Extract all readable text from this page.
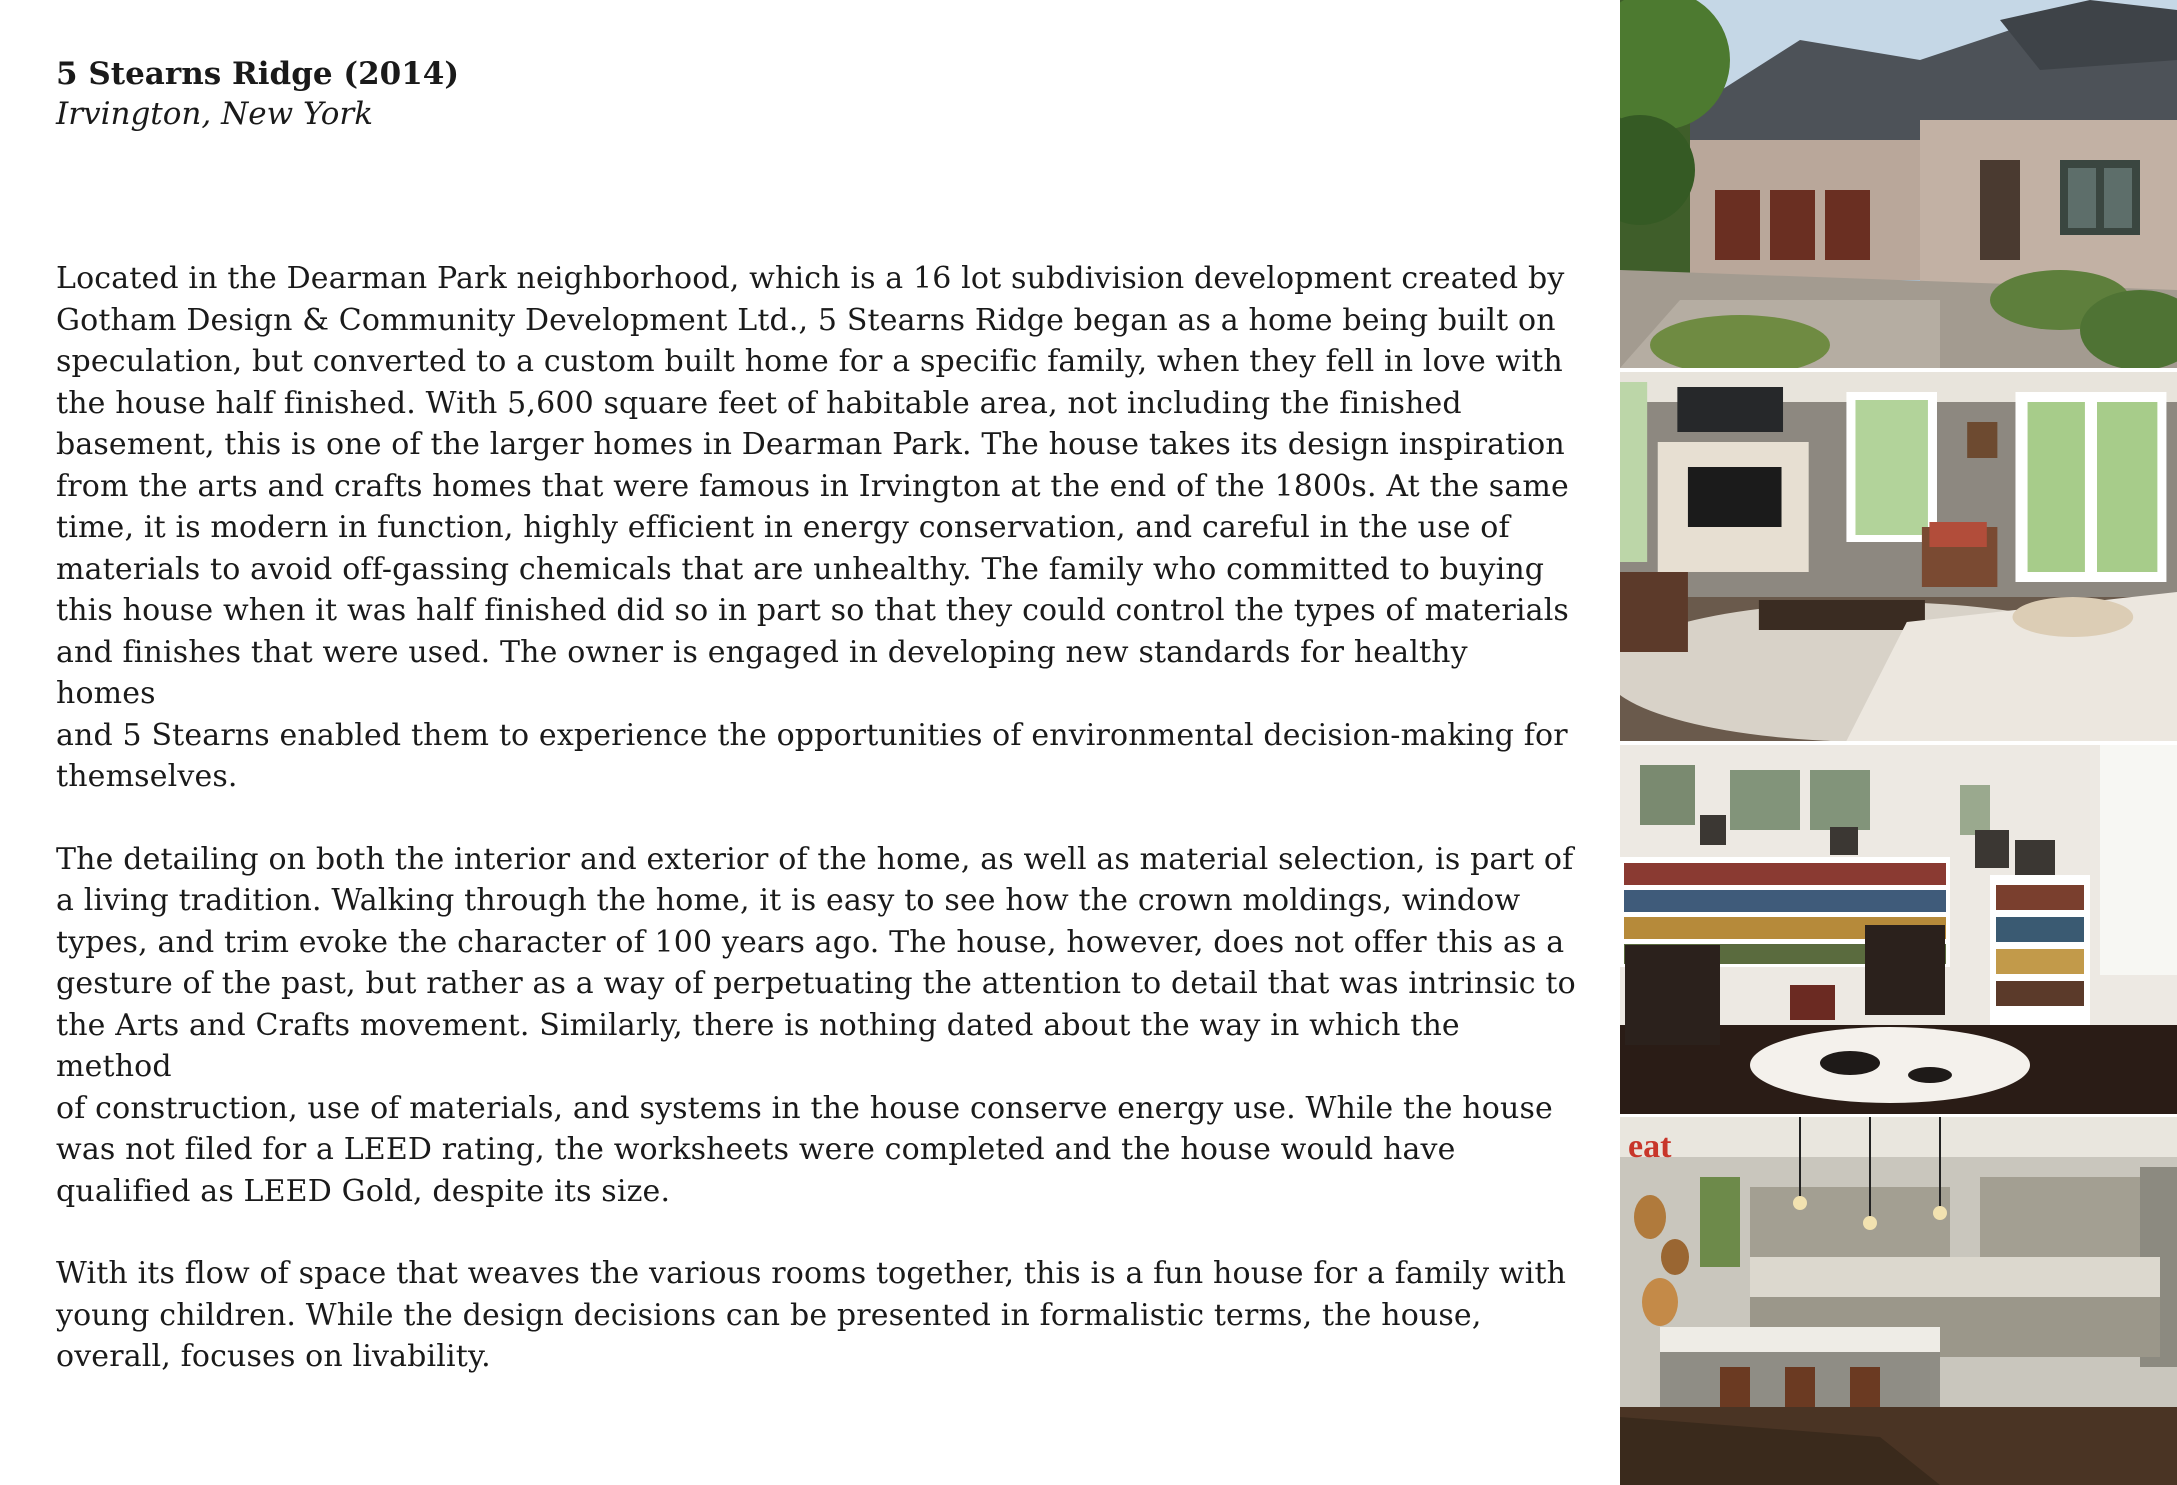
5 Stearns Ridge (2014)

Irvington, New York

Located in the Dearman Park neighborhood, which is a 16 lot subdivision development created by
Gotham Design & Community Development Ltd., 5 Stearns Ridge began as a home being built on
speculation, but converted to a custom built home for a specific family, when they fell in love with
the house half finished. With 5,600 square feet of habitable area, not including the finished
basement, this is one of the larger homes in Dearman Park. The house takes its design inspiration
from the arts and crafts homes that were famous in Irvington at the end of the 1800s. At the same
time, it is modern in function, highly efficient in energy conservation, and careful in the use of
materials to avoid off-gassing chemicals that are unhealthy. The family who committed to buying
this house when it was half finished did so in part so that they could control the types of materials
and finishes that were used. The owner is engaged in developing new standards for healthy homes
and 5 Stearns enabled them to experience the opportunities of environmental decision-making for
themselves.

The detailing on both the interior and exterior of the home, as well as material selection, is part of
a living tradition. Walking through the home, it is easy to see how the crown moldings, window
types, and trim evoke the character of 100 years ago. The house, however, does not offer this as a
gesture of the past, but rather as a way of perpetuating the attention to detail that was intrinsic to
the Arts and Crafts movement. Similarly, there is nothing dated about the way in which the method
of construction, use of materials, and systems in the house conserve energy use. While the house
was not filed for a LEED rating, the worksheets were completed and the house would have
qualified as LEED Gold, despite its size.

With its flow of space that weaves the various rooms together, this is a fun house for a family with
young children. While the design decisions can be presented in formalistic terms, the house,
overall, focuses on livability.

eat
